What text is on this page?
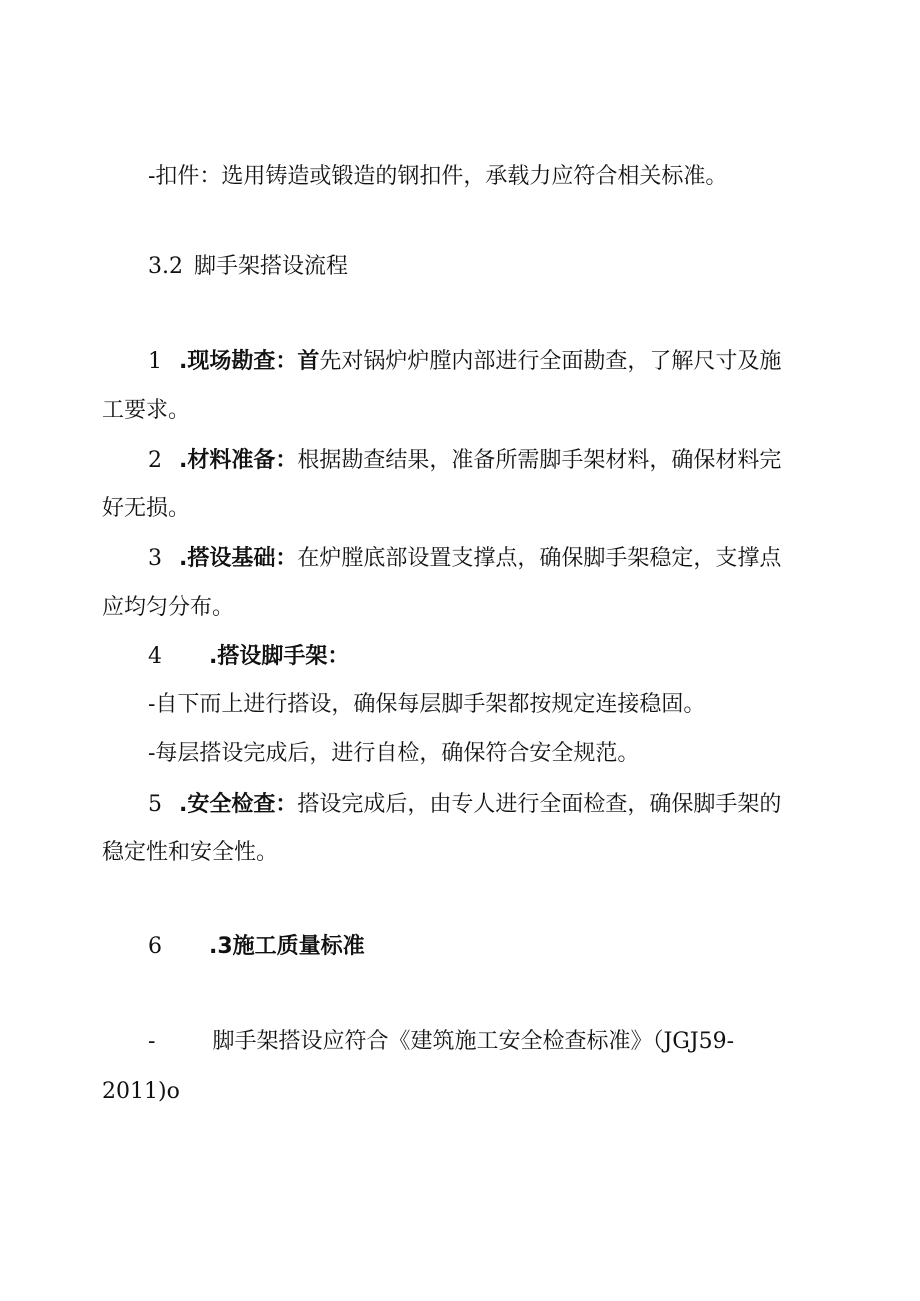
-扣件：选用铸造或锻造的钢扣件，承载力应符合相关标准。
3.2 脚手架搭设流程
1 .现场勘查：首先对锅炉炉膛内部进行全面勘查，了解尺寸及施
工要求。
2 .材料准备：根据勘查结果，准备所需脚手架材料，确保材料完
好无损。
3 .搭设基础：在炉膛底部设置支撑点，确保脚手架稳定，支撑点
应均匀分布。
4 .搭设脚手架：
-自下而上进行搭设，确保每层脚手架都按规定连接稳固。
-每层搭设完成后，进行自检，确保符合安全规范。
5 .安全检查：搭设完成后，由专人进行全面检查，确保脚手架的
稳定性和安全性。
6 .3施工质量标准
-	脚手架搭设应符合《建筑施工安全检查标准》（JGJ59-
2011)o
